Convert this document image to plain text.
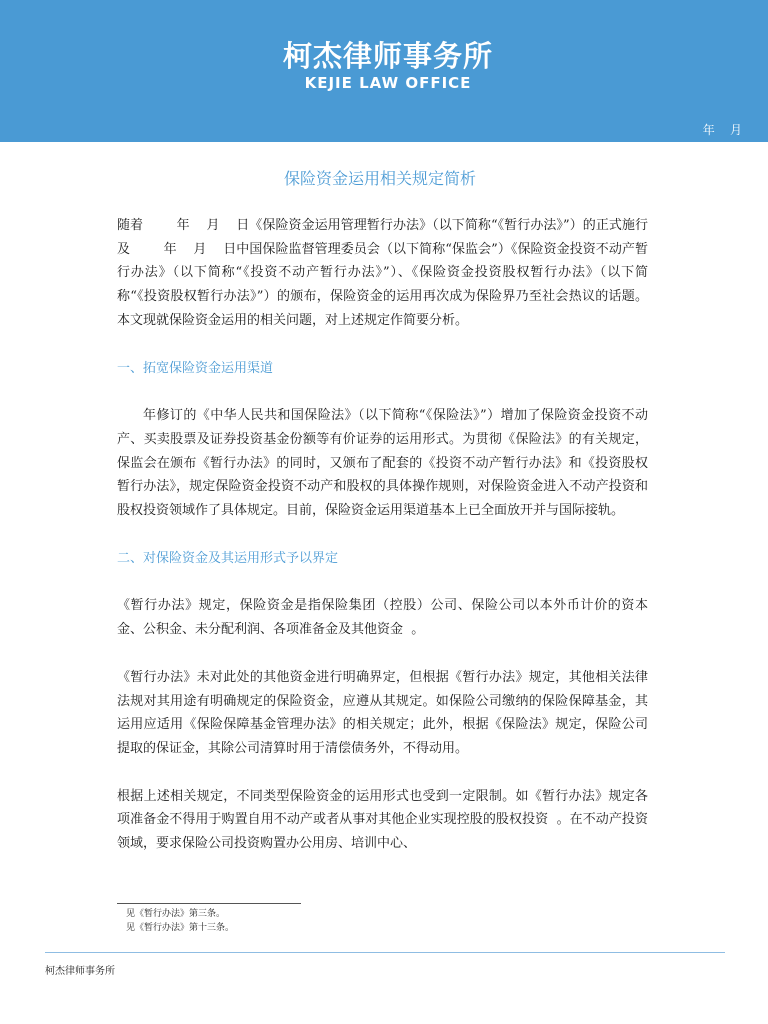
柯杰律师事务所
KEJIE LAW OFFICE
年    月
保险资金运用相关规定简析

随着        年    月    日《保险资金运用管理暂行办法》（以下简称“《暂行办法》”）的正式施行及        年    月    日中国保险监督管理委员会（以下简称“保监会”）《保险资金投资不动产暂行办法》（以下简称“《投资不动产暂行办法》”）、《保险资金投资股权暂行办法》（以下简称“《投资股权暂行办法》”）的颁布，保险资金的运用再次成为保险界乃至社会热议的话题。本文现就保险资金运用的相关问题，对上述规定作简要分析。

一、拓宽保险资金运用渠道

年修订的《中华人民共和国保险法》（以下简称“《保险法》”）增加了保险资金投资不动产、买卖股票及证券投资基金份额等有价证券的运用形式。为贯彻《保险法》的有关规定，保监会在颁布《暂行办法》的同时，又颁布了配套的《投资不动产暂行办法》和《投资股权暂行办法》，规定保险资金投资不动产和股权的具体操作规则，对保险资金进入不动产投资和股权投资领域作了具体规定。目前，保险资金运用渠道基本上已全面放开并与国际接轨。

二、对保险资金及其运用形式予以界定

《暂行办法》规定，保险资金是指保险集团（控股）公司、保险公司以本外币计价的资本金、公积金、未分配利润、各项准备金及其他资金  。

《暂行办法》未对此处的其他资金进行明确界定，但根据《暂行办法》规定，其他相关法律法规对其用途有明确规定的保险资金，应遵从其规定。如保险公司缴纳的保险保障基金，其运用应适用《保险保障基金管理办法》的相关规定；此外，根据《保险法》规定，保险公司提取的保证金，其除公司清算时用于清偿债务外，不得动用。

根据上述相关规定，不同类型保险资金的运用形式也受到一定限制。如《暂行办法》规定各项准备金不得用于购置自用不动产或者从事对其他企业实现控股的股权投资  。在不动产投资领域，要求保险公司投资购置办公用房、培训中心、

见《暂行办法》第三条。
见《暂行办法》第十三条。
柯杰律师事务所
